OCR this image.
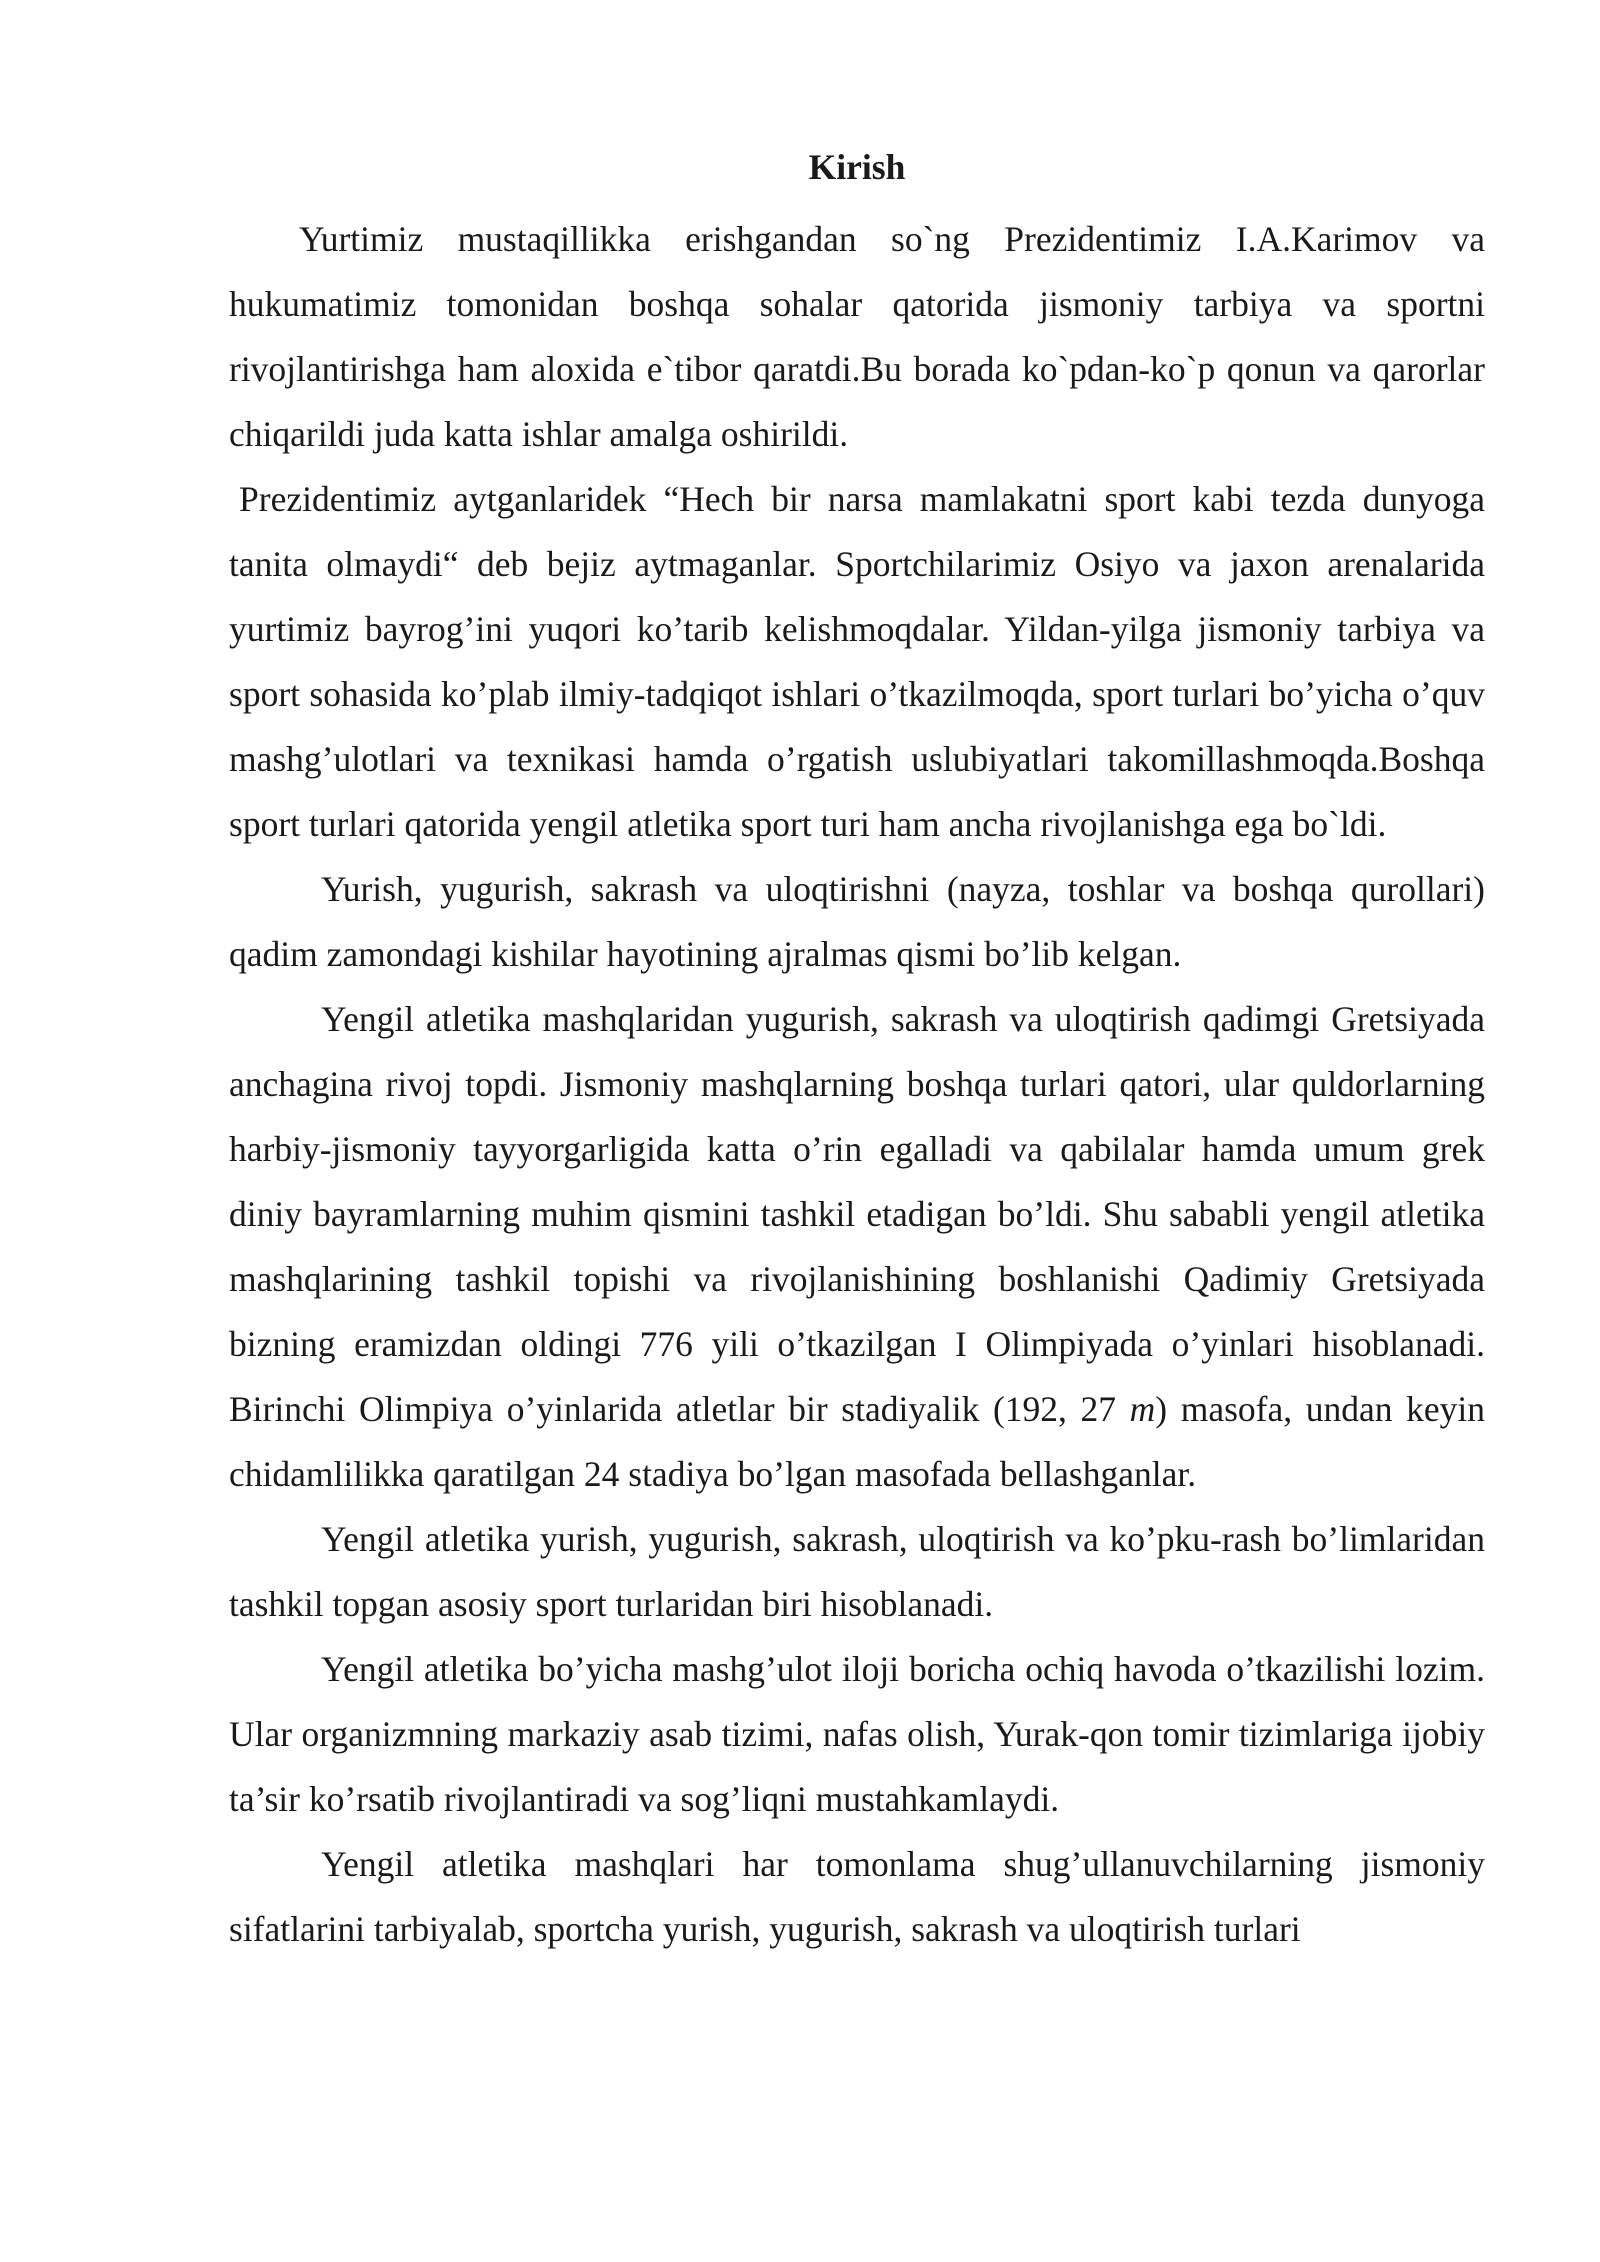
Kirish

Yurtimiz mustaqillikka erishgandan so`ng Prezidentimiz I.A.Karimov va hukumatimiz tomonidan boshqa sohalar qatorida jismoniy tarbiya va sportni rivojlantirishga ham aloxida e`tibor qaratdi.Bu borada ko`pdan-ko`p qonun va qarorlar chiqarildi juda katta ishlar amalga oshirildi.

Prezidentimiz aytganlaridek “Hech bir narsa mamlakatni sport kabi tezda dunyoga tanita olmaydi“ deb bejiz aytmaganlar. Sportchilarimiz Osiyo va jaxon arenalarida yurtimiz bayrog’ini yuqori ko’tarib kelishmoqdalar. Yildan-yilga jismoniy tarbiya va sport sohasida ko’plab ilmiy-tadqiqot ishlari o’tkazilmoqda, sport turlari bo’yicha o’quv mashg’ulotlari va texnikasi hamda o’rgatish uslubiyatlari takomillashmoqda.Boshqa sport turlari qatorida yengil atletika sport turi ham ancha rivojlanishga ega bo`ldi.

Yurish, yugurish, sakrash va uloqtirishni (nayza, toshlar va boshqa qurollari) qadim zamondagi kishilar hayotining ajralmas qismi bo’lib kelgan.

Yengil atletika mashqlaridan yugurish, sakrash va uloqtirish qadimgi Gretsiyada anchagina rivoj topdi. Jismoniy mashqlarning boshqa turlari qatori, ular quldorlarning harbiy-jismoniy tayyorgarligida katta o’rin egalladi va qabilalar hamda umum grek diniy bayramlarning muhim qismini tashkil etadigan bo’ldi. Shu sababli yengil atletika mashqlarining tashkil topishi va rivojlanishining boshlanishi Qadimiy Gretsiyada bizning eramizdan oldingi 776 yili o’tkazilgan I Olimpiyada o’yinlari hisoblanadi. Birinchi Olimpiya o’yinlarida atletlar bir stadiyalik (192, 27 m) masofa, undan keyin chidamlilikka qaratilgan 24 stadiya bo’lgan masofada bellashganlar.

Yengil atletika yurish, yugurish, sakrash, uloqtirish va ko’pku-rash bo’limlaridan tashkil topgan asosiy sport turlaridan biri hisoblanadi.

Yengil atletika bo’yicha mashg’ulot iloji boricha ochiq havoda o’tkazilishi lozim. Ular organizmning markaziy asab tizimi, nafas olish, Yurak-qon tomir tizimlariga ijobiy ta’sir ko’rsatib rivojlantiradi va sog’liqni mustahkamlaydi.

Yengil atletika mashqlari har tomonlama shug’ullanuvchilarning jismoniy sifatlarini tarbiyalab, sportcha yurish, yugurish, sakrash va uloqtirish turlari
